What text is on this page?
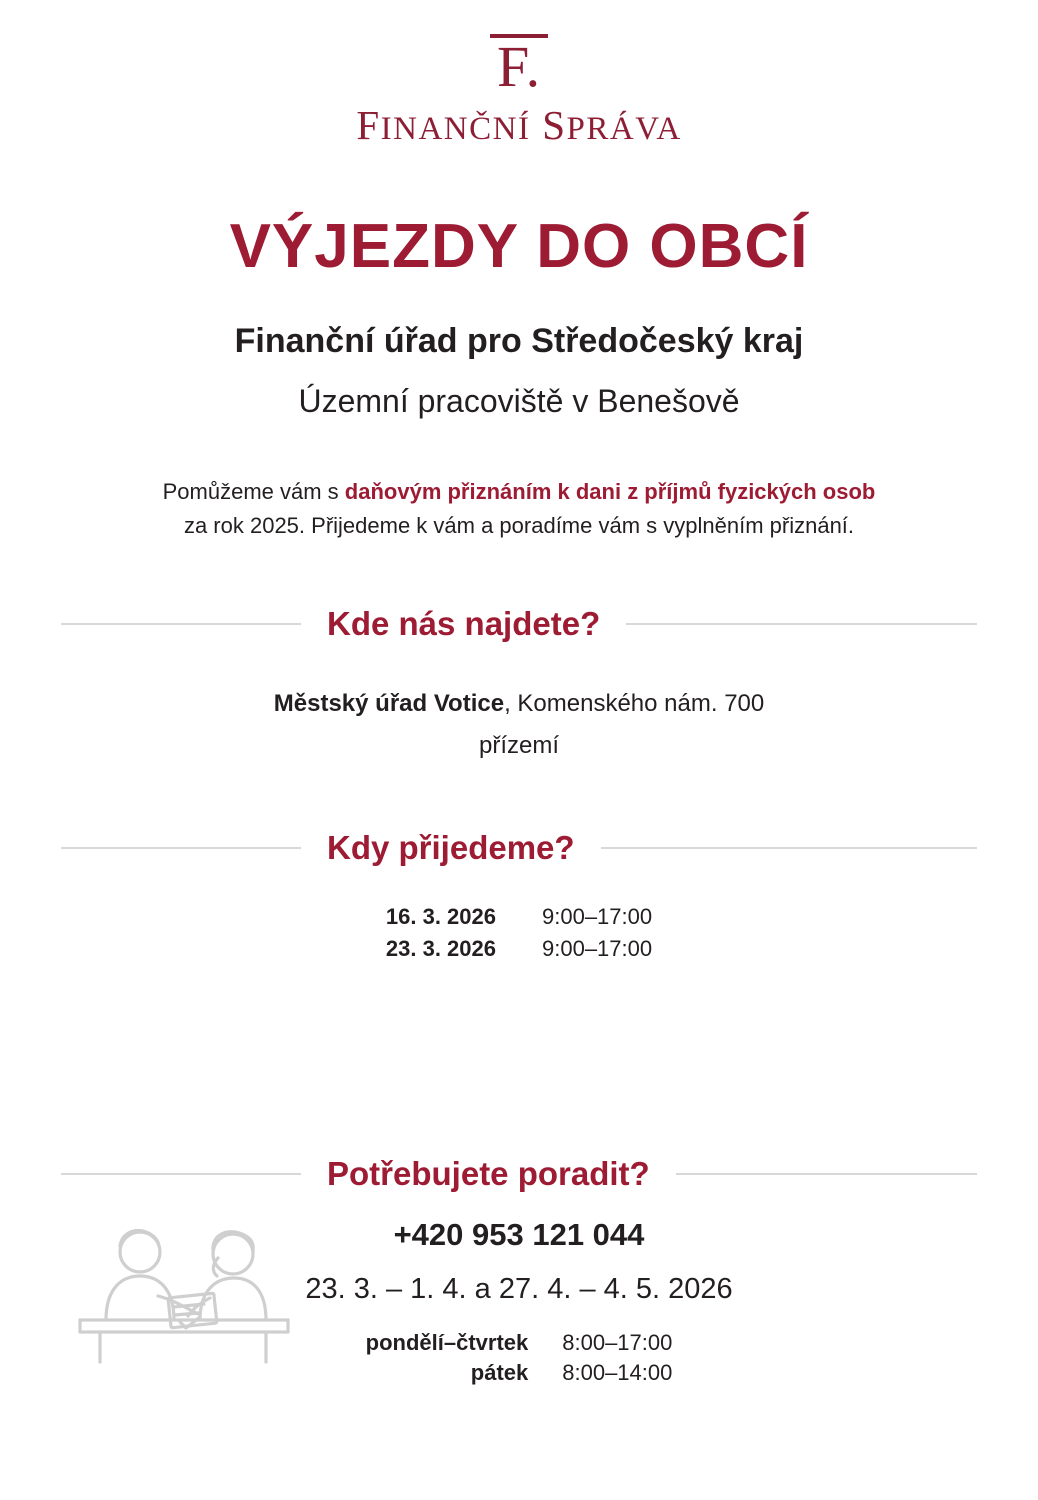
F.
FINANČNÍ SPRÁVA
VÝJEZDY DO OBCÍ
Finanční úřad pro Středočeský kraj
Územní pracoviště v Benešově
Pomůžeme vám s daňovým přiznáním k dani z příjmů fyzických osob
za rok 2025. Přijedeme k vám a poradíme vám s vyplněním přiznání.
Kde nás najdete?
Městský úřad Votice, Komenského nám. 700
přízemí
Kdy přijedeme?
16. 3. 2026	9:00–17:00
23. 3. 2026	9:00–17:00
Potřebujete poradit?
+420 953 121 044
23. 3. – 1. 4. a 27. 4. – 4. 5. 2026
pondělí–čtvrtek	8:00–17:00
pátek	8:00–14:00
